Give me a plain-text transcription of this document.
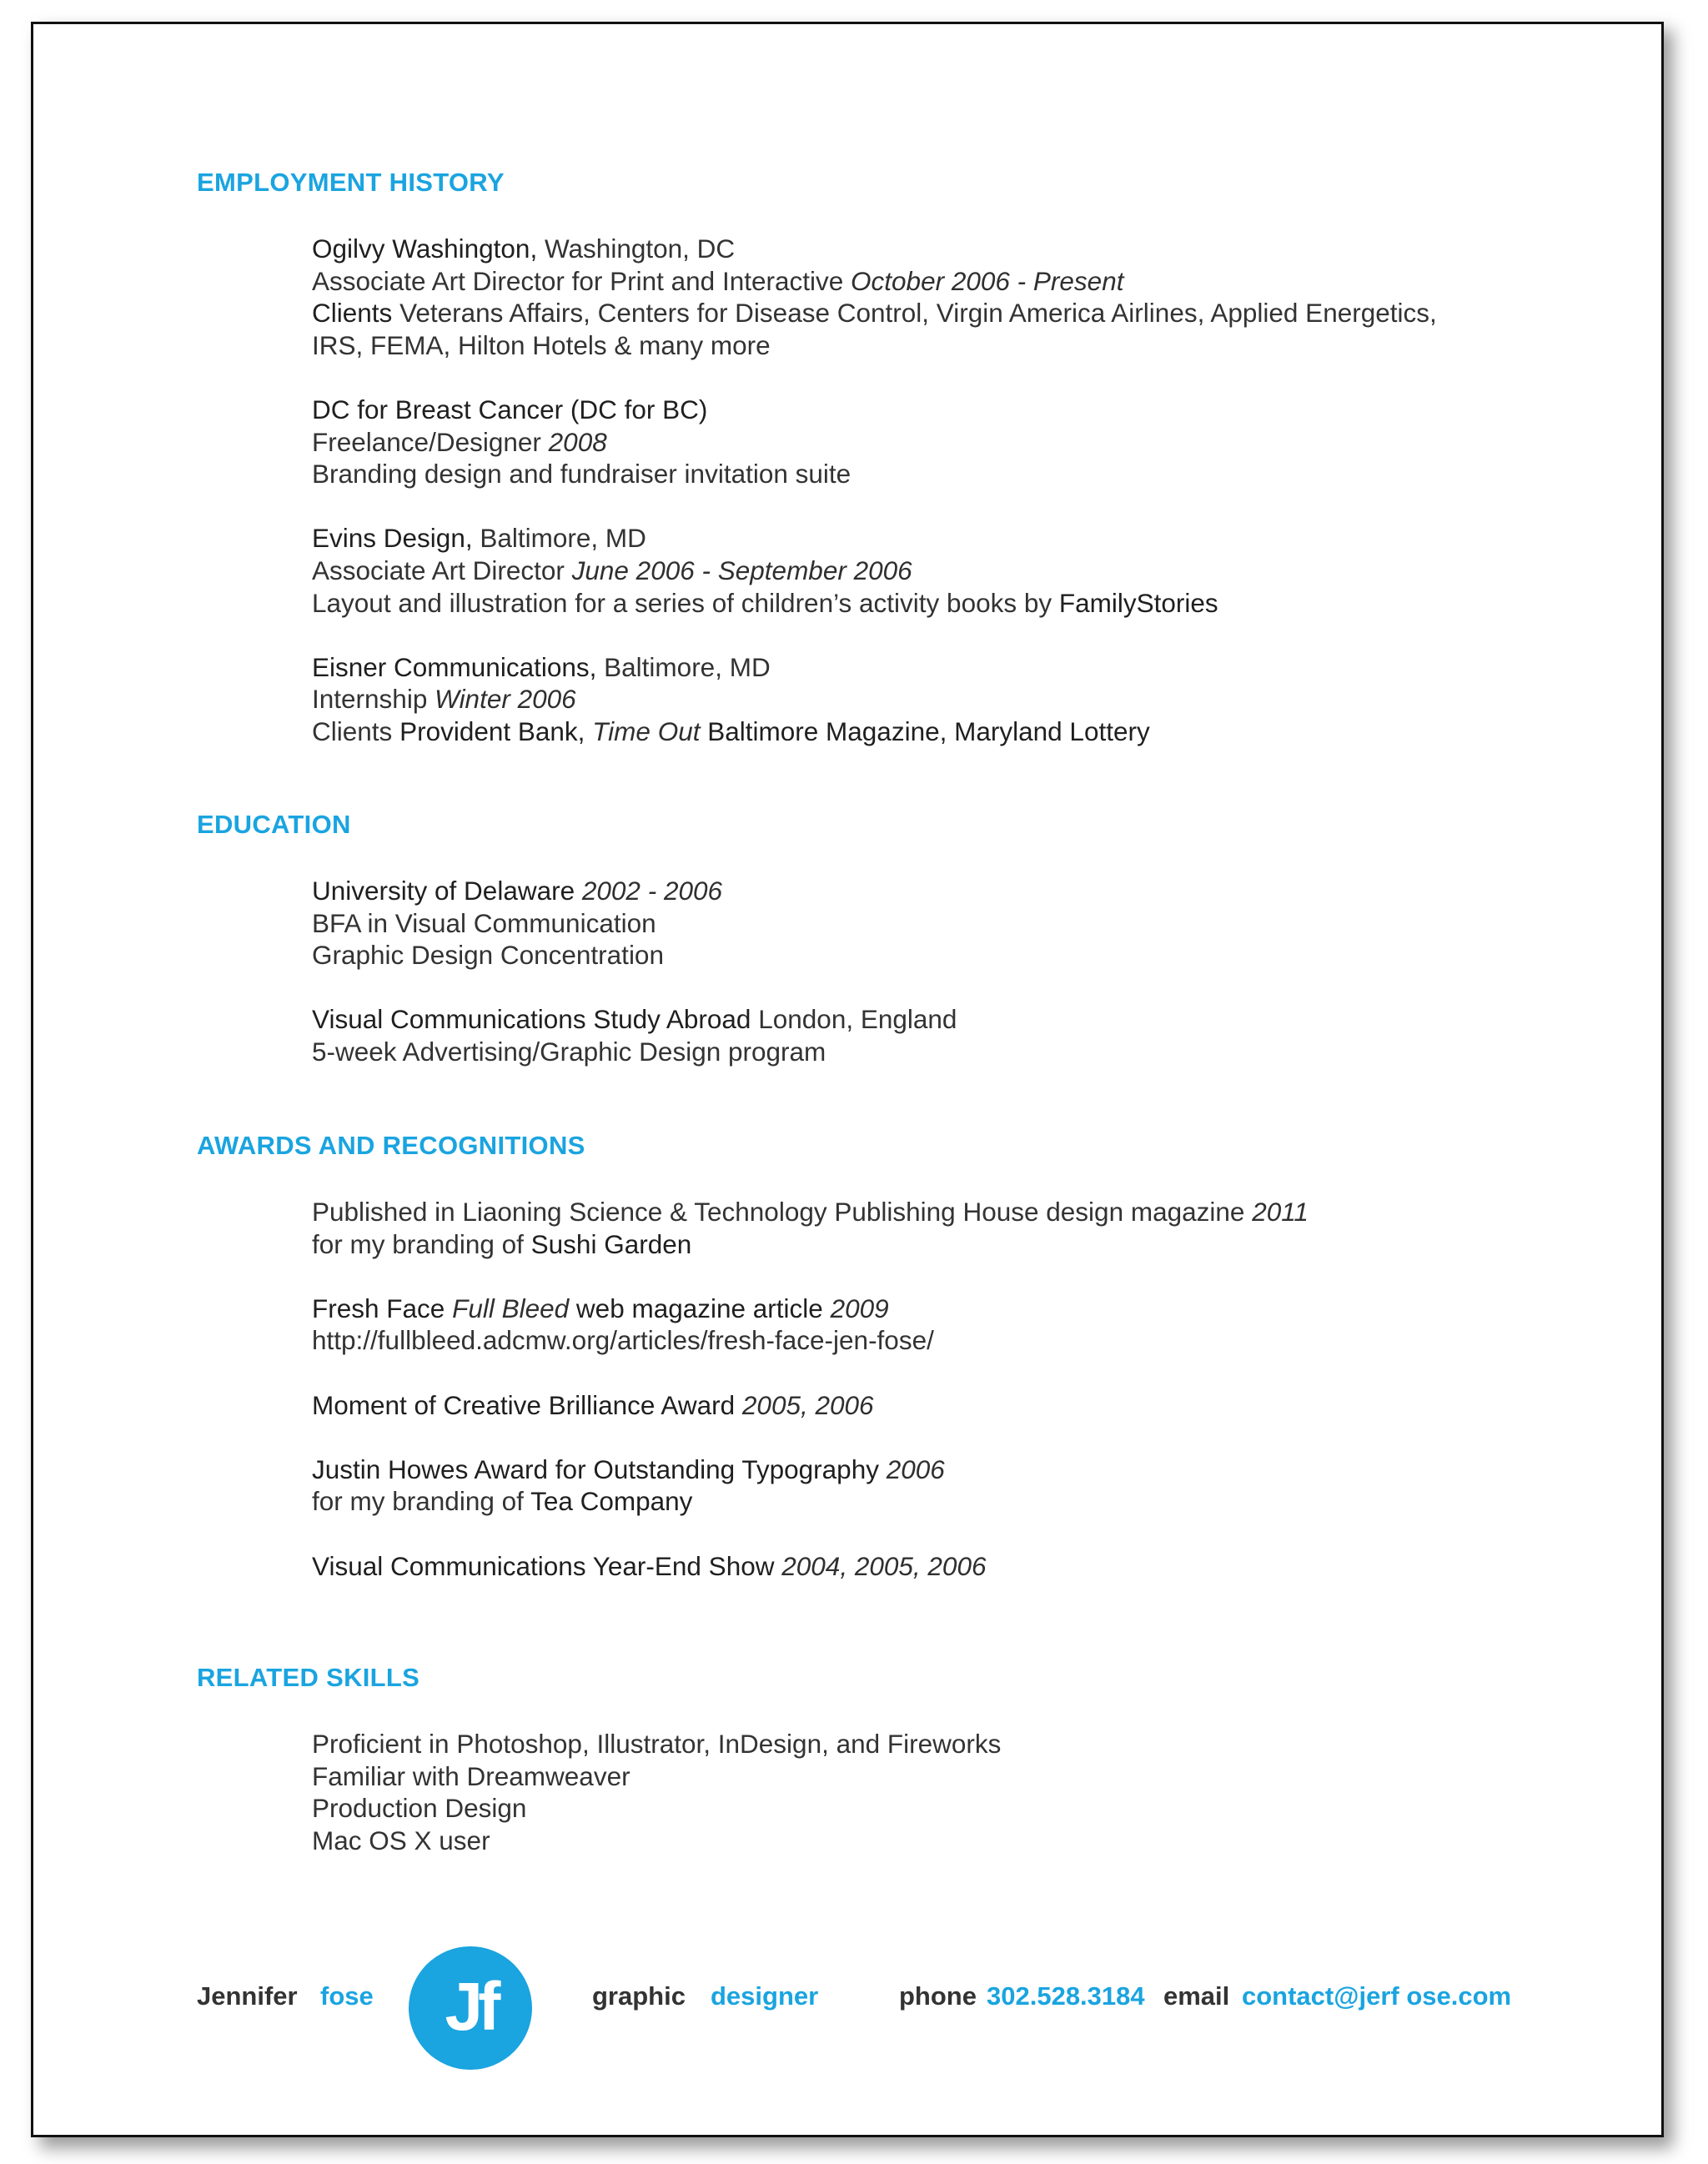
EMPLOYMENT HISTORY
Ogilvy Washington, Washington, DC
Associate Art Director for Print and Interactive October 2006 - Present
Clients Veterans Affairs, Centers for Disease Control, Virgin America Airlines, Applied Energetics,
IRS, FEMA, Hilton Hotels & many more
DC for Breast Cancer (DC for BC)
Freelance/Designer 2008
Branding design and fundraiser invitation suite
Evins Design, Baltimore, MD
Associate Art Director June 2006 - September 2006
Layout and illustration for a series of children’s activity books by FamilyStories
Eisner Communications, Baltimore, MD
Internship Winter 2006
Clients Provident Bank, Time Out Baltimore Magazine, Maryland Lottery
EDUCATION
University of Delaware 2002 - 2006
BFA in Visual Communication
Graphic Design Concentration
Visual Communications Study Abroad London, England
5-week Advertising/Graphic Design program
AWARDS AND RECOGNITIONS
Published in Liaoning Science & Technology Publishing House design magazine 2011
for my branding of Sushi Garden
Fresh Face Full Bleed web magazine article 2009
http://fullbleed.adcmw.org/articles/fresh-face-jen-fose/
Moment of Creative Brilliance Award 2005, 2006
Justin Howes Award for Outstanding Typography 2006
for my branding of Tea Company
Visual Communications Year-End Show 2004, 2005, 2006
RELATED SKILLS
Proficient in Photoshop, Illustrator, InDesign, and Fireworks
Familiar with Dreamweaver
Production Design
Mac OS X user
Jennifer fose Jf	graphic designer	phone 302.528.3184 email contact@jerf ose.com
